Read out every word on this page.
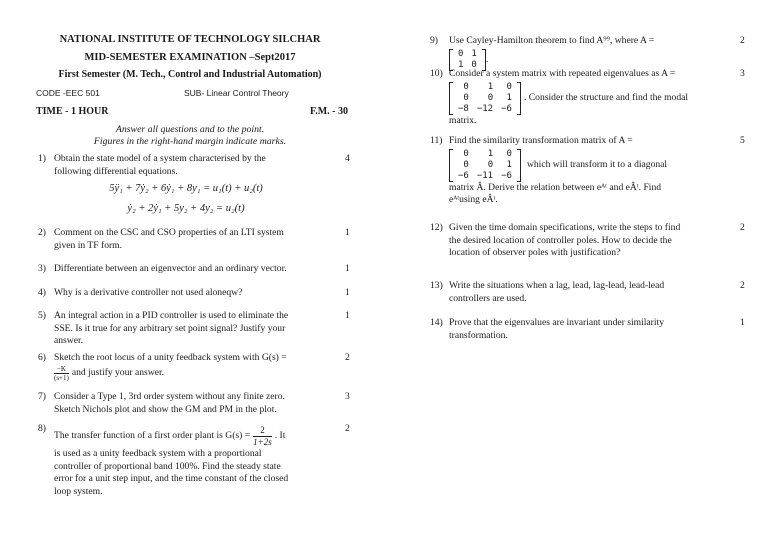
NATIONAL INSTITUTE OF TECHNOLOGY SILCHAR
MID-SEMESTER EXAMINATION –Sept2017
First Semester (M. Tech., Control and Industrial Automation)
CODE -EEC 501	SUB- Linear Control Theory
TIME - 1 HOUR	F.M. - 30
Answer all questions and to the point.
Figures in the right-hand margin indicate marks.
1) Obtain the state model of a system characterised by the
following differential equations.
4
5ÿ₁ + 7ẏ₂ + 6ẏ₁ + 8y₁ = u₁(t) + u₂(t)
ẏ₂ + 2ẏ₁ + 5y₂ + 4y₂ = u₂(t)
2) Comment on the CSC and CSO properties of an LTI system
given in TF form.
1
3) Differentiate between an eigenvector and an ordinary vector.	1
4) Why is a derivative controller not used aloneqw?	1
5) An integral action in a PID controller is used to eliminate the
SSE. Is it true for any arbitrary set point signal? Justify your
answer.
1
6) Sketch the root locus of a unity feedback system with G(s) =
$\frac{-K}{(s+1)}$ and justify your answer.
2
7) Consider a Type 1, 3rd order system without any finite zero.
Sketch Nichols plot and show the GM and PM in the plot.
3
8)
The transfer function of a first order plant is $G(s) = \frac{2}{1+2s}$ . It
is used as a unity feedback system with a proportional
controller of proportional band 100%. Find the steady state
error for a unit step input, and the time constant of the closed
loop system.
2
9) Use Cayley-Hamilton theorem to find A⁹⁹, where A =
0	1
1	0 .
2
10) Consider a system matrix with repeated eigenvalues as A =
0	1	0
0	0	1
−8	−12	−6
. Consider the structure and find the modal
matrix.
3
11) Find the similarity transformation matrix of A =
0	1	0
0	0	1
−6	−11	−6
which will transform it to a diagonal
matrix Â. Derive the relation between eᴬᵗ and eÂᵗ. Find
eᴬᵗusing eÂᵗ.
5
12) Given the time domain specifications, write the steps to find
the desired location of controller poles. How to decide the
location of observer poles with justification?
2
13) Write the situations when a lag, lead, lag-lead, lead-lead
controllers are used.
2
14) Prove that the eigenvalues are invariant under similarity
transformation.
1
